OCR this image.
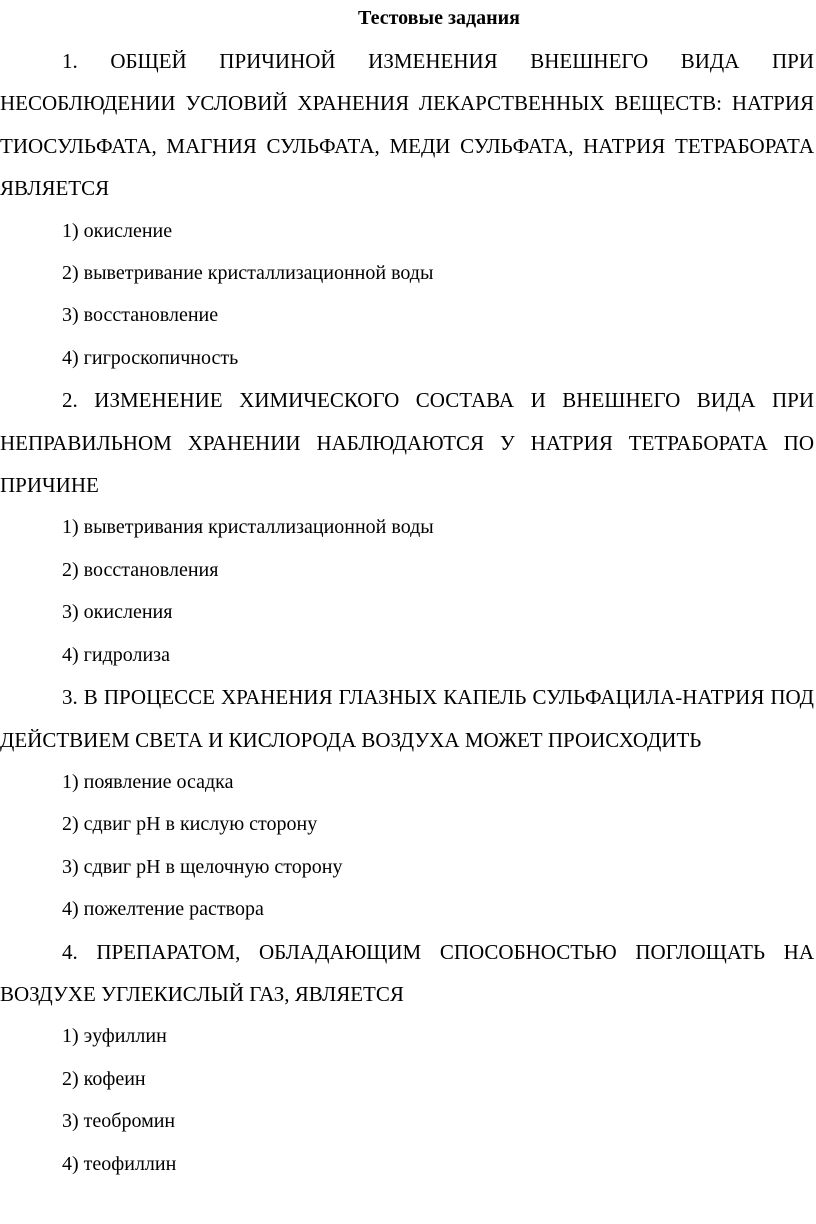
Тестовые задания

1. ОБЩЕЙ ПРИЧИНОЙ ИЗМЕНЕНИЯ ВНЕШНЕГО ВИДА ПРИ НЕСОБЛЮДЕНИИ УСЛОВИЙ ХРАНЕНИЯ ЛЕКАРСТВЕННЫХ ВЕЩЕСТВ: НАТРИЯ ТИОСУЛЬФАТА, МАГНИЯ СУЛЬФАТА, МЕДИ СУЛЬФАТА, НАТРИЯ ТЕТРАБОРАТА ЯВЛЯЕТСЯ

1) окисление
2) выветривание кристаллизационной воды
3) восстановление
4) гигроскопичность

2. ИЗМЕНЕНИЕ ХИМИЧЕСКОГО СОСТАВА И ВНЕШНЕГО ВИДА ПРИ НЕПРАВИЛЬНОМ ХРАНЕНИИ НАБЛЮДАЮТСЯ У НАТРИЯ ТЕТРАБОРАТА ПО ПРИЧИНЕ

1) выветривания кристаллизационной воды
2) восстановления
3) окисления
4) гидролиза

3. В ПРОЦЕССЕ ХРАНЕНИЯ ГЛАЗНЫХ КАПЕЛЬ СУЛЬФАЦИЛА-НАТРИЯ ПОД ДЕЙСТВИЕМ СВЕТА И КИСЛОРОДА ВОЗДУХА МОЖЕТ ПРОИСХОДИТЬ

1) появление осадка
2) сдвиг pH в кислую сторону
3) сдвиг pH в щелочную сторону
4) пожелтение раствора

4. ПРЕПАРАТОМ, ОБЛАДАЮЩИМ СПОСОБНОСТЬЮ ПОГЛОЩАТЬ НА ВОЗДУХЕ УГЛЕКИСЛЫЙ ГАЗ, ЯВЛЯЕТСЯ

1) эуфиллин
2) кофеин
3) теобромин
4) теофиллин
